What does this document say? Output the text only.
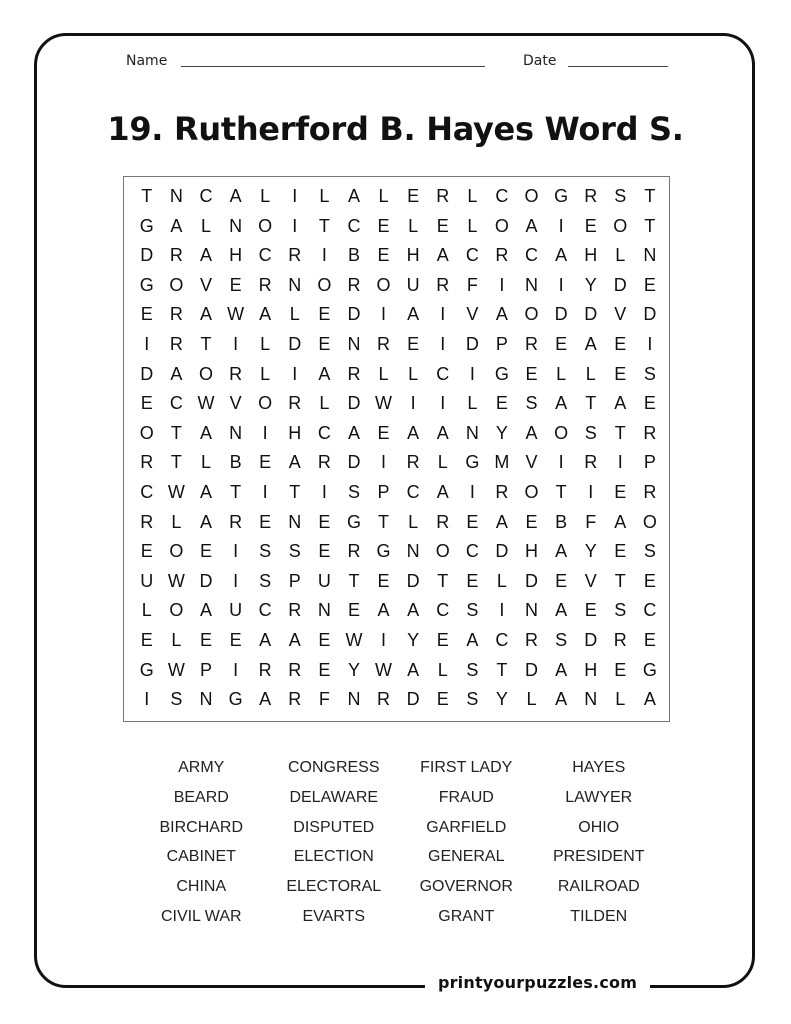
printyourpuzzles.com
Name	Date
19. Rutherford B. Hayes Word S.
T N C A	L	I	L	A	L	E R	L	C O G R S	T
G A	L	N O	I	T C E	L	E	L O A	I	E O T
D R A H C R	I	B E H A C R C A H	L	N
G O V E R N O R O U R F	I	N	I	Y D E
E R A W A	L	E D	I	A	I	V A O D D V D
I	R T	I	L	D E N R E	I	D P R E A E	I
D A O R	L	I	A R	L	L	C	I	G E	L	L	E S
E C W V O R	L	D W	I	I	L	E S A	T	A E
O T	A N	I	H C A E A A N Y A O S	T R
R T	L	B E A R D	I	R	L G M V	I	R	I	P
C W A	T	I	T	I	S P C A	I	R O T	I	E R
R	L	A R E N E G T	L	R E A E B	F	A O
E O E	I	S S E R G N O C D H A Y E S
U W D	I	S P U T	E D T	E	L	D E V	T	E
L O A U C R N E A A C S	I	N A E S C
E	L	E E A A E W	I	Y E A C R S D R E
G W P	I	R R E Y W A	L	S	T D A H E G
I	S N G A R F N R D E S Y	L	A N	L	A
ARMY	CONGRESS	FIRST LADY	HAYES
BEARD	DELAWARE	FRAUD	LAWYER
BIRCHARD	DISPUTED	GARFIELD	OHIO
CABINET	ELECTION	GENERAL	PRESIDENT
CHINA	ELECTORAL	GOVERNOR	RAILROAD
CIVIL WAR	EVARTS	GRANT	TILDEN
